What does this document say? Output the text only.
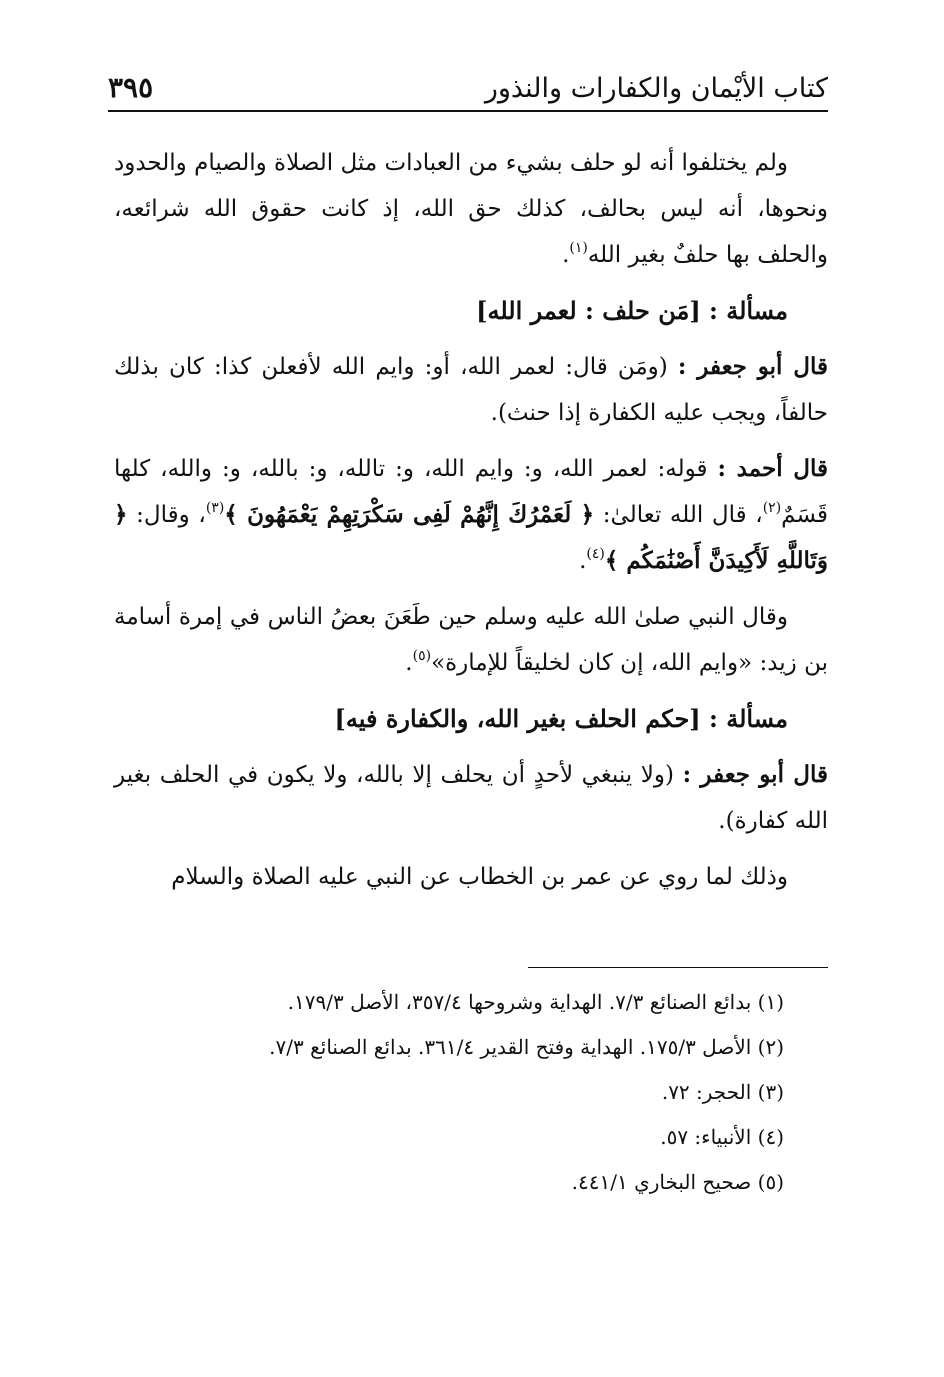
كتاب الأيْمان والكفارات والنذور
٣٩٥

ولم يختلفوا أنه لو حلف بشيء من العبادات مثل الصلاة والصيام والحدود ونحوها، أنه ليس بحالف، كذلك حق الله، إذ كانت حقوق الله شرائعه، والحلف بها حلفٌ بغير الله$^{(١)}$.

مسألة : [مَن حلف : لعمر الله]

قال أبو جعفر : (ومَن قال: لعمر الله، أو: وايم الله لأفعلن كذا: كان بذلك حالفاً، ويجب عليه الكفارة إذا حنث).

قال أحمد : قوله: لعمر الله، و: وايم الله، و: تالله، و: بالله، و: والله، كلها قَسَمٌ$^{(٢)}$، قال الله تعالىٰ: ﴿ لَعَمْرُكَ إِنَّهُمْ لَفِى سَكْرَتِهِمْ يَعْمَهُونَ ﴾$^{(٣)}$، وقال: ﴿ وَتَاللَّهِ لَأَكِيدَنَّ أَصْنَٰمَكُم ﴾$^{(٤)}$.

وقال النبي صلىٰ الله عليه وسلم حين طَعَنَ بعضُ الناس في إمرة أسامة بن زيد: «وايم الله، إن كان لخليقاً للإمارة»$^{(٥)}$.

مسألة : [حكم الحلف بغير الله، والكفارة فيه]

قال أبو جعفر : (ولا ينبغي لأحدٍ أن يحلف إلا بالله، ولا يكون في الحلف بغير الله كفارة).

وذلك لما روي عن عمر بن الخطاب عن النبي عليه الصلاة والسلام

(١) بدائع الصنائع ٧/٣. الهداية وشروحها ٣٥٧/٤، الأصل ١٧٩/٣.

(٢) الأصل ١٧٥/٣. الهداية وفتح القدير ٣٦١/٤. بدائع الصنائع ٧/٣.

(٣) الحجر: ٧٢.

(٤) الأنبياء: ٥٧.

(٥) صحيح البخاري ٤٤١/١.
